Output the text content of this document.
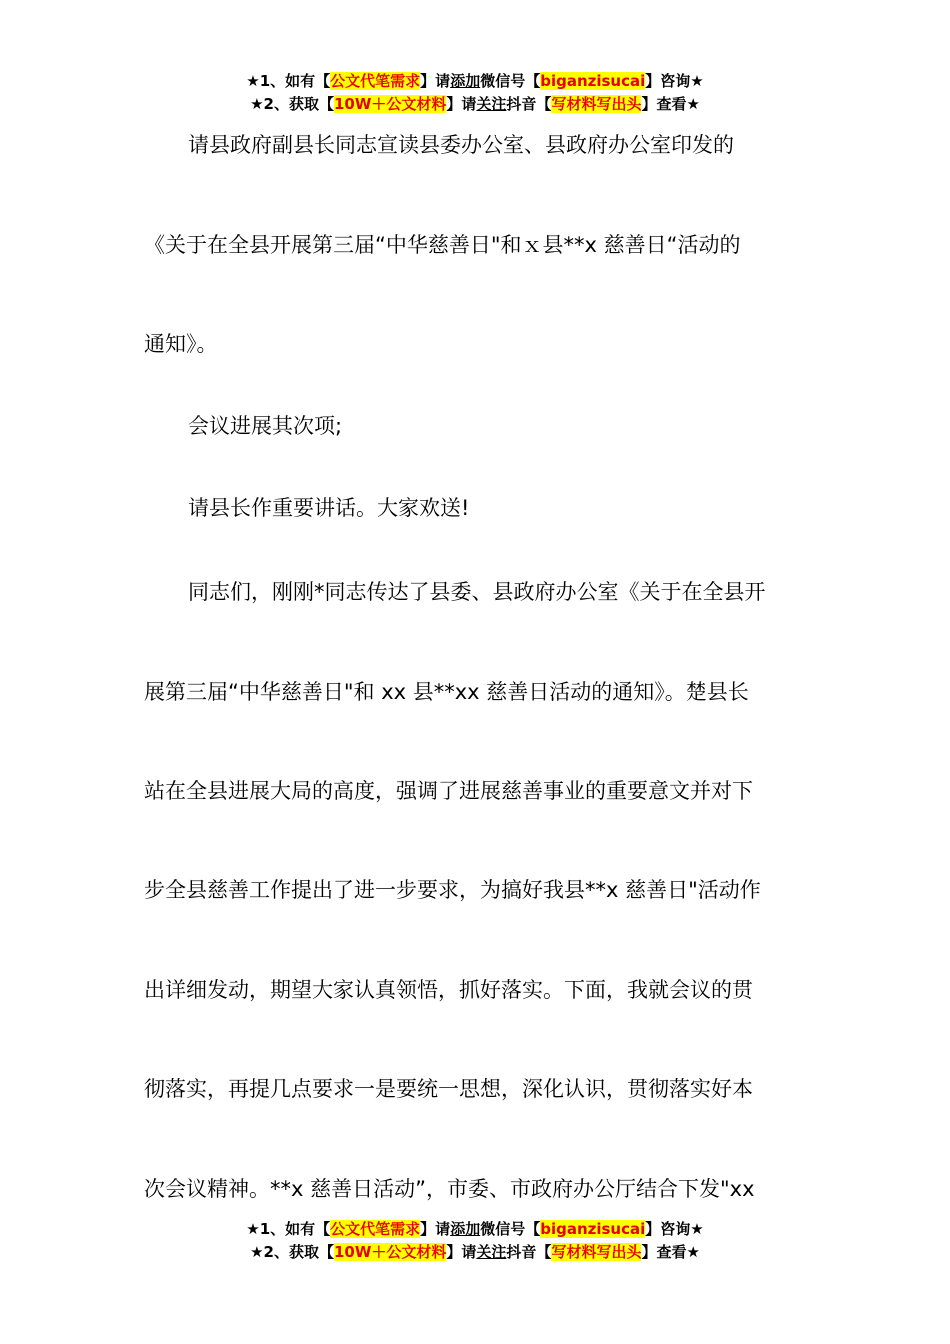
★1、如有【公文代笔需求】请添加微信号【biganzisucai】咨询★
★2、获取【10W＋公文材料】请关注抖音【写材料写出头】查看★
请县政府副县长同志宣读县委办公室、县政府办公室印发的
《关于在全县开展第三届“中华慈善日"和ｘ县**x 慈善日“活动的
通知》。
会议进展其次项;
请县长作重要讲话。大家欢送!
同志们，刚刚*同志传达了县委、县政府办公室《关于在全县开
展第三届“中华慈善日"和 xx 县**xx 慈善日活动的通知》。楚县长
站在全县进展大局的高度，强调了进展慈善事业的重要意文并对下
步全县慈善工作提出了进一步要求，为搞好我县**x 慈善日"活动作
出详细发动，期望大家认真领悟，抓好落实。下面，我就会议的贯
彻落实，再提几点要求一是要统一思想，深化认识，贯彻落实好本
次会议精神。**x 慈善日活动”，市委、市政府办公厅结合下发"xx
★1、如有【公文代笔需求】请添加微信号【biganzisucai】咨询★
★2、获取【10W＋公文材料】请关注抖音【写材料写出头】查看★
